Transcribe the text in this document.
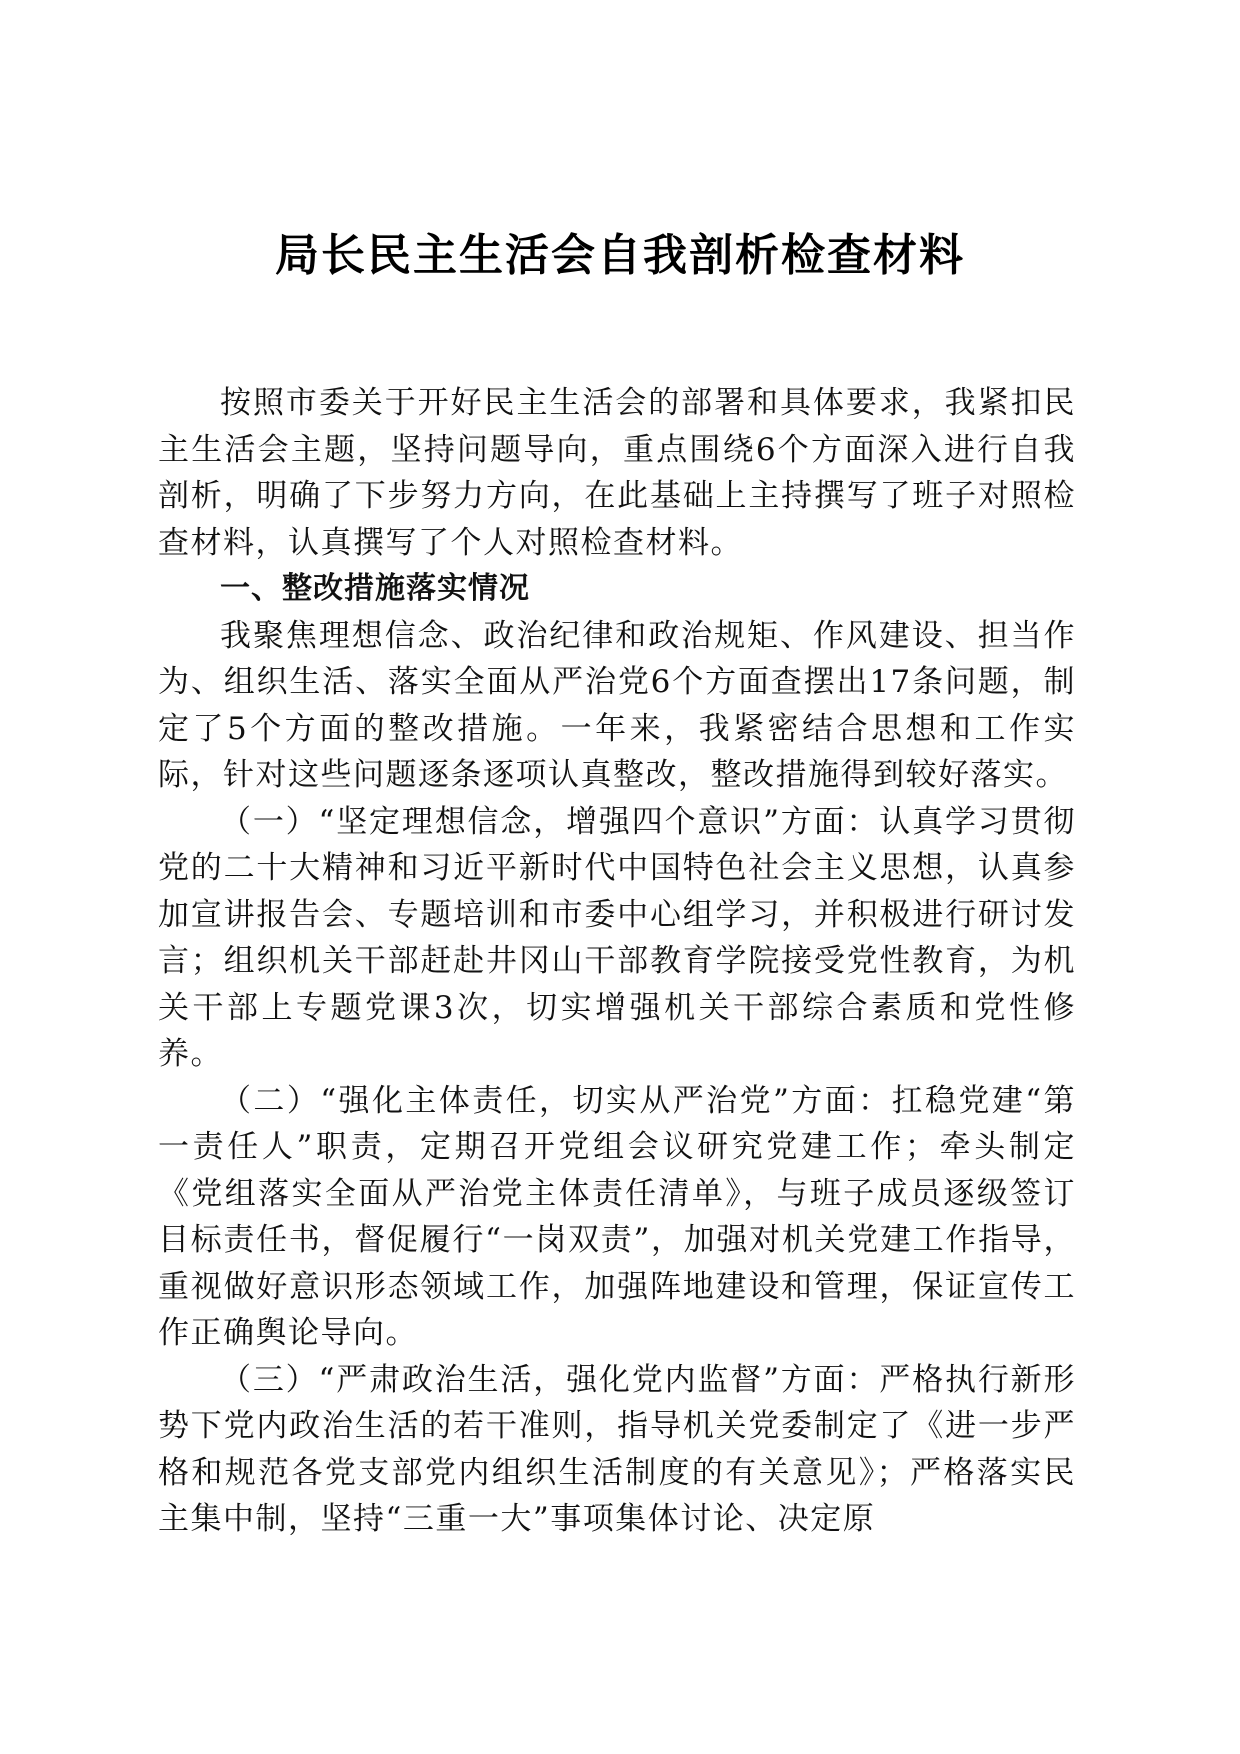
局长民主生活会自我剖析检查材料

按照市委关于开好民主生活会的部署和具体要求，我紧扣民主生活会主题，坚持问题导向，重点围绕6个方面深入进行自我剖析，明确了下步努力方向，在此基础上主持撰写了班子对照检查材料，认真撰写了个人对照检查材料。

一、整改措施落实情况

我聚焦理想信念、政治纪律和政治规矩、作风建设、担当作为、组织生活、落实全面从严治党6个方面查摆出17条问题，制定了5个方面的整改措施。一年来，我紧密结合思想和工作实际，针对这些问题逐条逐项认真整改，整改措施得到较好落实。

（一）“坚定理想信念，增强四个意识”方面：认真学习贯彻党的二十大精神和习近平新时代中国特色社会主义思想，认真参加宣讲报告会、专题培训和市委中心组学习，并积极进行研讨发言；组织机关干部赶赴井冈山干部教育学院接受党性教育，为机关干部上专题党课3次，切实增强机关干部综合素质和党性修养。

（二）“强化主体责任，切实从严治党”方面：扛稳党建“第一责任人”职责，定期召开党组会议研究党建工作；牵头制定《党组落实全面从严治党主体责任清单》，与班子成员逐级签订目标责任书，督促履行“一岗双责”，加强对机关党建工作指导，重视做好意识形态领域工作，加强阵地建设和管理，保证宣传工作正确舆论导向。

（三）“严肃政治生活，强化党内监督”方面：严格执行新形势下党内政治生活的若干准则，指导机关党委制定了《进一步严格和规范各党支部党内组织生活制度的有关意见》；严格落实民主集中制，坚持“三重一大”事项集体讨论、决定原
